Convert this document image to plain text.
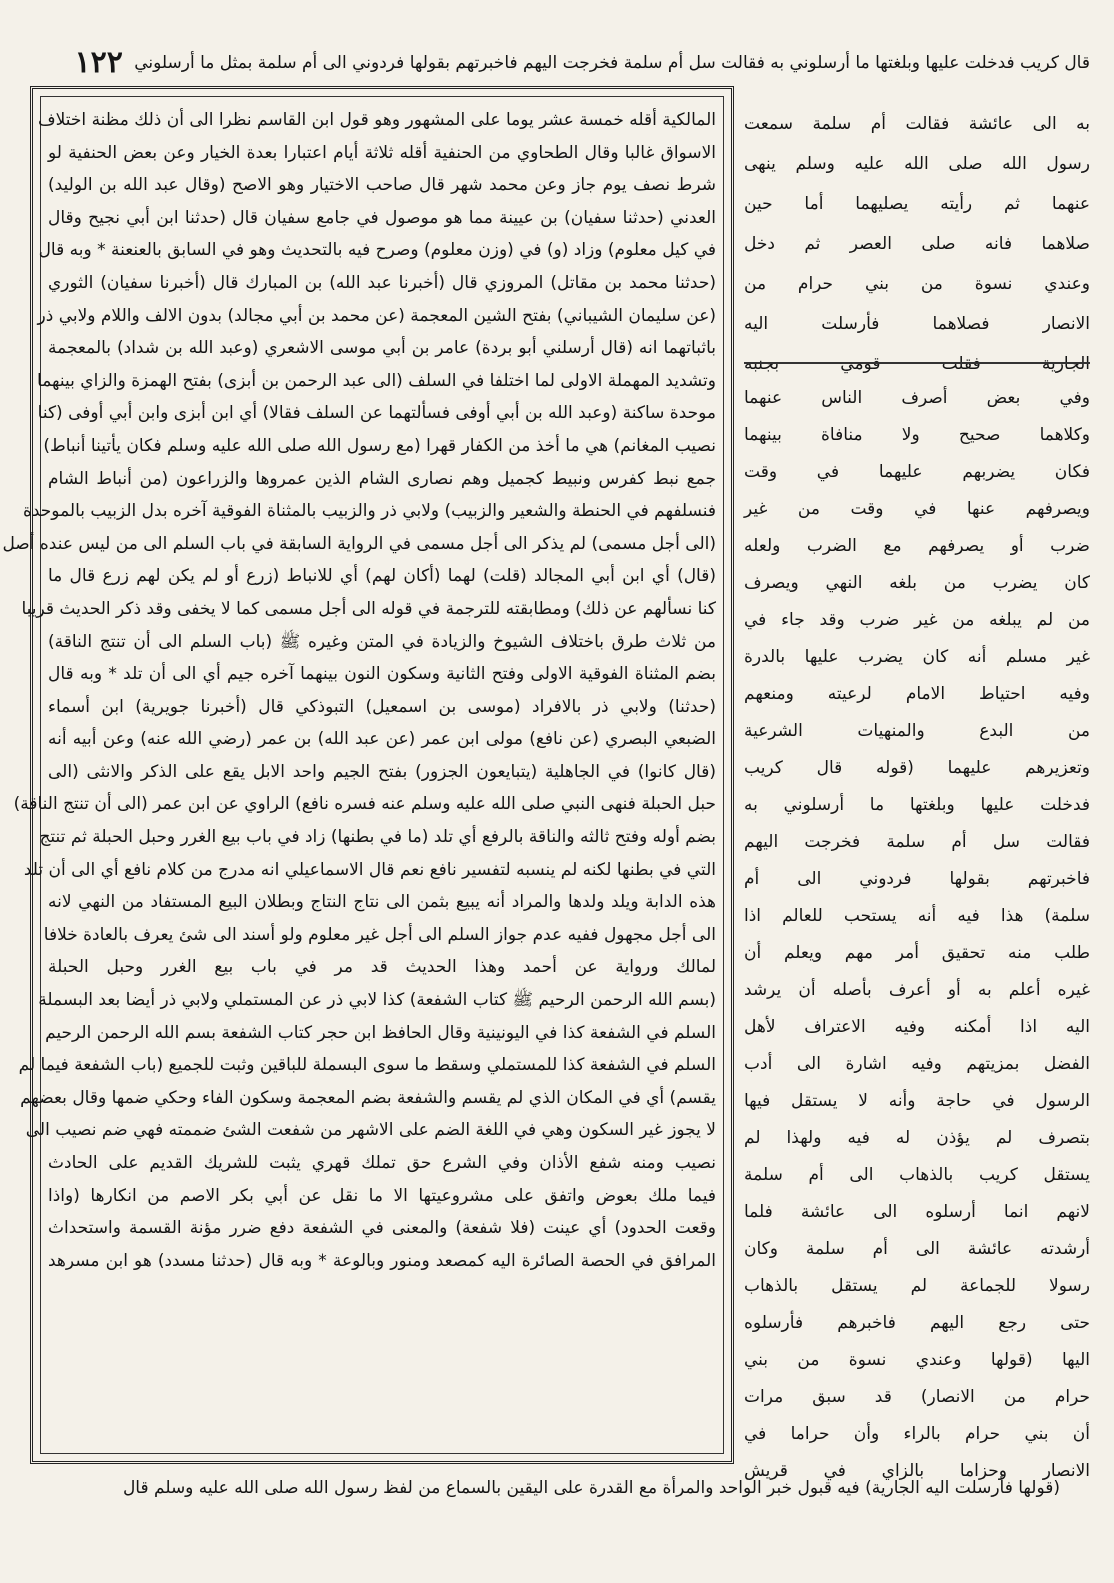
قال كريب فدخلت عليها وبلغتها ما أرسلوني به فقالت سل أم سلمة فخرجت اليهم فاخبرتهم بقولها فردوني الى أم سلمة بمثل ما أرسلوني ١٢٢
المالكية أقله خمسة عشر يوما على المشهور وهو قول ابن القاسم نظرا الى أن ذلك مظنة اختلاف
الاسواق غالبا وقال الطحاوي من الحنفية أقله ثلاثة أيام اعتبارا بعدة الخيار وعن بعض الحنفية لو
شرط نصف يوم جاز وعن محمد شهر قال صاحب الاختيار وهو الاصح (وقال عبد الله بن الوليد)
العدني (حدثنا سفيان) بن عيينة مما هو موصول في جامع سفيان قال (حدثنا ابن أبي نجيح وقال
في كيل معلوم) وزاد (و) في (وزن معلوم) وصرح فيه بالتحديث وهو في السابق بالعنعنة * وبه قال
(حدثنا محمد بن مقاتل) المروزي قال (أخبرنا عبد الله) بن المبارك قال (أخبرنا سفيان) الثوري
(عن سليمان الشيباني) بفتح الشين المعجمة (عن محمد بن أبي مجالد) بدون الالف واللام ولابي ذر
باثباتهما انه (قال أرسلني أبو بردة) عامر بن أبي موسى الاشعري (وعبد الله بن شداد) بالمعجمة
وتشديد المهملة الاولى لما اختلفا في السلف (الى عبد الرحمن بن أبزى) بفتح الهمزة والزاي بينهما
موحدة ساكنة (وعبد الله بن أبي أوفى فسألتهما عن السلف فقالا) أي ابن أبزى وابن أبي أوفى (كنا
نصيب المغانم) هي ما أخذ من الكفار قهرا (مع رسول الله صلى الله عليه وسلم فكان يأتينا أنباط)
جمع نبط كفرس ونبيط كجميل وهم نصارى الشام الذين عمروها والزراعون (من أنباط الشام
فنسلفهم في الحنطة والشعير والزبيب) ولابي ذر والزبيب بالمثناة الفوقية آخره بدل الزبيب بالموحدة
(الى أجل مسمى) لم يذكر الى أجل مسمى في الرواية السابقة في باب السلم الى من ليس عنده أصل
(قال) أي ابن أبي المجالد (قلت) لهما (أكان لهم) أي للانباط (زرع أو لم يكن لهم زرع قال ما
كنا نسألهم عن ذلك) ومطابقته للترجمة في قوله الى أجل مسمى كما لا يخفى وقد ذكر الحديث قريبا
من ثلاث طرق باختلاف الشيوخ والزيادة في المتن وغيره ﷺ (باب السلم الى أن تنتج الناقة)
بضم المثناة الفوقية الاولى وفتح الثانية وسكون النون بينهما آخره جيم أي الى أن تلد * وبه قال
(حدثنا) ولابي ذر بالافراد (موسى بن اسمعيل) التبوذكي قال (أخبرنا جويرية) ابن أسماء
الضبعي البصري (عن نافع) مولى ابن عمر (عن عبد الله) بن عمر (رضي الله عنه) وعن أبيه أنه
(قال كانوا) في الجاهلية (يتبايعون الجزور) بفتح الجيم واحد الابل يقع على الذكر والانثى (الى
حبل الحبلة فنهى النبي صلى الله عليه وسلم عنه فسره نافع) الراوي عن ابن عمر (الى أن تنتج الناقة)
بضم أوله وفتح ثالثه والناقة بالرفع أي تلد (ما في بطنها) زاد في باب بيع الغرر وحبل الحبلة ثم تنتج
التي في بطنها لكنه لم ينسبه لتفسير نافع نعم قال الاسماعيلي انه مدرج من كلام نافع أي الى أن تلد
هذه الدابة ويلد ولدها والمراد أنه يبيع بثمن الى نتاج النتاج وبطلان البيع المستفاد من النهي لانه
الى أجل مجهول ففيه عدم جواز السلم الى أجل غير معلوم ولو أسند الى شئ يعرف بالعادة خلافا
لمالك ورواية عن أحمد وهذا الحديث قد مر في باب بيع الغرر وحبل الحبلة
(بسم الله الرحمن الرحيم ﷺ كتاب الشفعة) كذا لابي ذر عن المستملي ولابي ذر أيضا بعد البسملة
السلم في الشفعة كذا في اليونينية وقال الحافظ ابن حجر كتاب الشفعة بسم الله الرحمن الرحيم
السلم في الشفعة كذا للمستملي وسقط ما سوى البسملة للباقين وثبت للجميع (باب الشفعة فيما لم
يقسم) أي في المكان الذي لم يقسم والشفعة بضم المعجمة وسكون الفاء وحكي ضمها وقال بعضهم
لا يجوز غير السكون وهي في اللغة الضم على الاشهر من شفعت الشئ ضممته فهي ضم نصيب الى
نصيب ومنه شفع الأذان وفي الشرع حق تملك قهري يثبت للشريك القديم على الحادث
فيما ملك بعوض واتفق على مشروعيتها الا ما نقل عن أبي بكر الاصم من انكارها (واذا
وقعت الحدود) أي عينت (فلا شفعة) والمعنى في الشفعة دفع ضرر مؤنة القسمة واستحداث
المرافق في الحصة الصائرة اليه كمصعد ومنور وبالوعة * وبه قال (حدثنا مسدد) هو ابن مسرهد
به الى عائشة فقالت أم سلمة سمعت
رسول الله صلى الله عليه وسلم ينهى
عنهما ثم رأيته يصليهما أما حين
صلاهما فانه صلى العصر ثم دخل
وعندي نسوة من بني حرام من
الانصار فصلاهما فأرسلت اليه
الجارية فقلت قومي بجنبه
وفي بعض أصرف الناس عنهما
وكلاهما صحيح ولا منافاة بينهما
فكان يضربهم عليهما في وقت
ويصرفهم عنها في وقت من غير
ضرب أو يصرفهم مع الضرب ولعله
كان يضرب من بلغه النهي ويصرف
من لم يبلغه من غير ضرب وقد جاء في
غير مسلم أنه كان يضرب عليها بالدرة
وفيه احتياط الامام لرعيته ومنعهم
من البدع والمنهيات الشرعية
وتعزيرهم عليهما (قوله قال كريب
فدخلت عليها وبلغتها ما أرسلوني به
فقالت سل أم سلمة فخرجت اليهم
فاخبرتهم بقولها فردوني الى أم
سلمة) هذا فيه أنه يستحب للعالم اذا
طلب منه تحقيق أمر مهم ويعلم أن
غيره أعلم به أو أعرف بأصله أن يرشد
اليه اذا أمكنه وفيه الاعتراف لأهل
الفضل بمزيتهم وفيه اشارة الى أدب
الرسول في حاجة وأنه لا يستقل فيها
بتصرف لم يؤذن له فيه ولهذا لم
يستقل كريب بالذهاب الى أم سلمة
لانهم انما أرسلوه الى عائشة فلما
أرشدته عائشة الى أم سلمة وكان
رسولا للجماعة لم يستقل بالذهاب
حتى رجع اليهم فاخبرهم فأرسلوه
اليها (قولها وعندي نسوة من بني
حرام من الانصار) قد سبق مرات
أن بني حرام بالراء وأن حراما في
الانصار وحزاما بالزاي في قريش
(قولها فأرسلت اليه الجارية) فيه قبول خبر الواحد والمرأة مع القدرة على اليقين بالسماع من لفظ رسول الله صلى الله عليه وسلم قال
